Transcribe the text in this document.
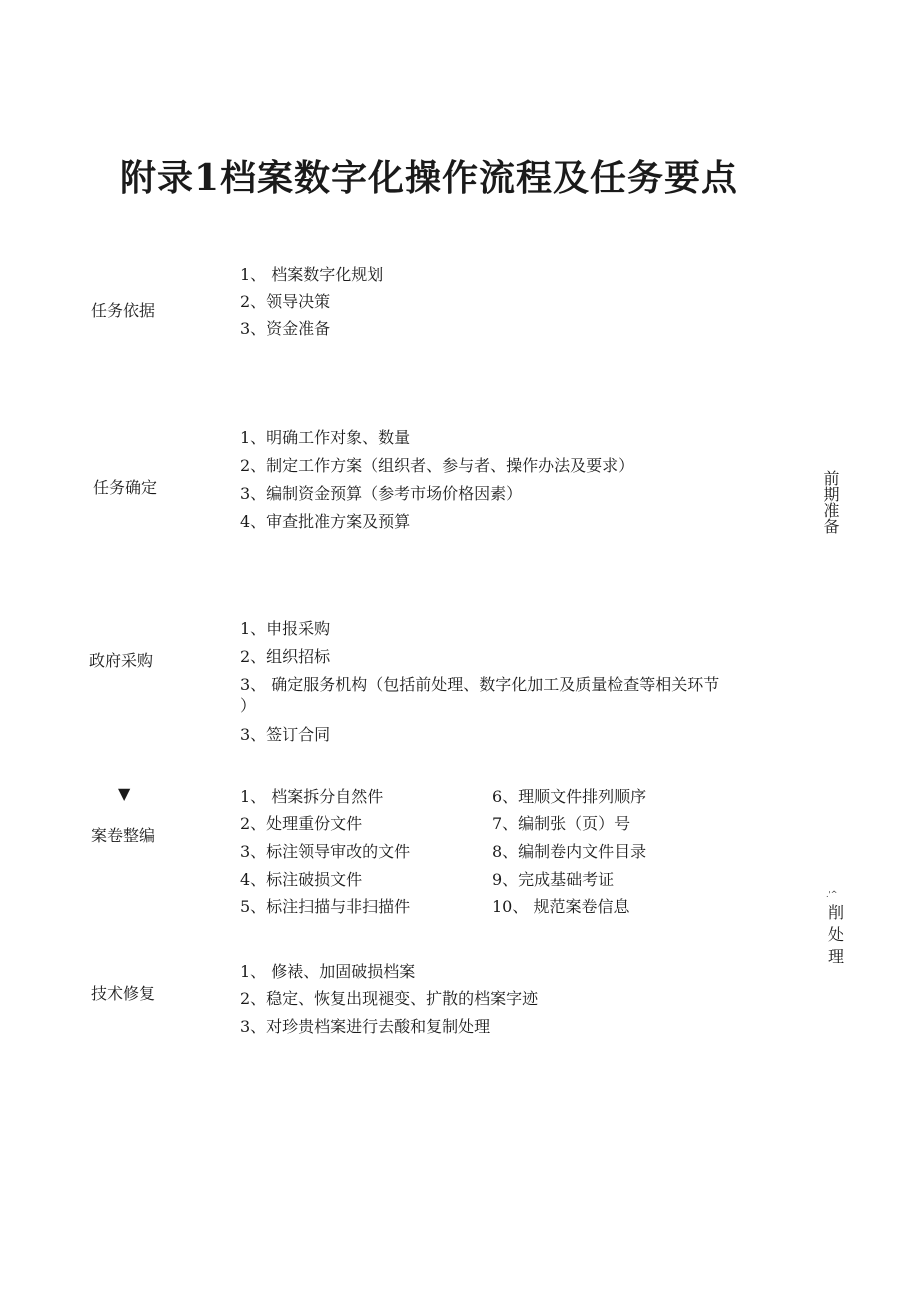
附录1档案数字化操作流程及任务要点
任务依据
1、 档案数字化规划
2、领导决策
3、资金准备
任务确定
1、明确工作对象、数量
2、制定工作方案（组织者、参与者、操作办法及要求）
3、编制资金预算（参考市场价格因素）
4、审查批准方案及预算
政府采购
1、申报采购
2、组织招标
3、 确定服务机构（包括前处理、数字化加工及质量检查等相关环节
）
3、签订合同
▼
案卷整编
1、 档案拆分自然件
2、处理重份文件
3、标注领导审改的文件
4、标注破损文件
5、标注扫描与非扫描件
6、理顺文件排列顺序
7、编制张（页）号
8、编制卷内文件目录
9、完成基础考证
10、 规范案卷信息
技术修复
1、 修裱、加固破损档案
2、稳定、恢复出现褪变、扩散的档案字迹
3、对珍贵档案进行去酸和复制处理
前期准备
.'^
削
处
理
